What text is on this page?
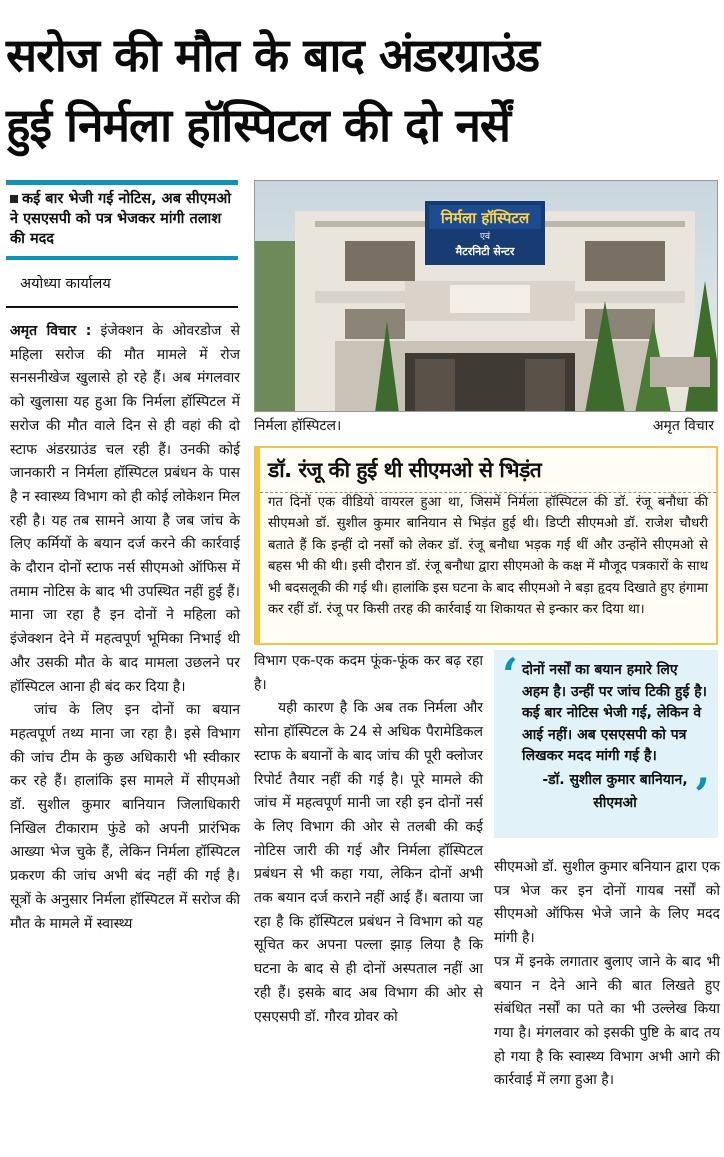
सरोज की मौत के बाद अंडरग्राउंड
हुई निर्मला हॉस्पिटल की दो नर्सें
कई बार भेजी गई नोटिस, अब सीएमओ ने एसएसपी को पत्र भेजकर मांगी तलाश की मदद
अयोध्या कार्यालय

अमृत विचार : इंजेक्शन के ओवरडोज से महिला सरोज की मौत मामले में रोज सनसनीखेज खुलासे हो रहे हैं। अब मंगलवार को खुलासा यह हुआ कि निर्मला हॉस्पिटल में सरोज की मौत वाले दिन से ही वहां की दो स्टाफ अंडरग्राउंड चल रही हैं। उनकी कोई जानकारी न निर्मला हॉस्पिटल प्रबंधन के पास है न स्वास्थ्य विभाग को ही कोई लोकेशन मिल रही है। यह तब सामने आया है जब जांच के लिए कर्मियों के बयान दर्ज करने की कार्रवाई के दौरान दोनों स्टाफ नर्स सीएमओ ऑफिस में तमाम नोटिस के बाद भी उपस्थित नहीं हुई हैं। माना जा रहा है इन दोनों ने महिला को इंजेक्शन देने में महत्वपूर्ण भूमिका निभाई थी और उसकी मौत के बाद मामला उछलने पर हॉस्पिटल आना ही बंद कर दिया है।

जांच के लिए इन दोनों का बयान महत्वपूर्ण तथ्य माना जा रहा है। इसे विभाग की जांच टीम के कुछ अधिकारी भी स्वीकार कर रहे हैं। हालांकि इस मामले में सीएमओ डॉ. सुशील कुमार बानियान जिलाधिकारी निखिल टीकाराम फुंडे को अपनी प्रारंभिक आख्या भेज चुके हैं, लेकिन निर्मला हॉस्पिटल प्रकरण की जांच अभी बंद नहीं की गई है। सूत्रों के अनुसार निर्मला हॉस्पिटल में सरोज की मौत के मामले में स्वास्थ्य

निर्मला हॉस्पिटल
एवं
मैटरनिटी सेन्टर
निर्मला हॉस्पिटल।	अमृत विचार
डॉ. रंजू की हुई थी सीएमओ से भिड़ंत
गत दिनों एक वीडियो वायरल हुआ था, जिसमें निर्मला हॉस्पिटल की डॉ. रंजू बनौधा की सीएमओ डॉ. सुशील कुमार बानियान से भिड़ंत हुई थी। डिप्टी सीएमओ डॉ. राजेश चौधरी बताते हैं कि इन्हीं दो नर्सों को लेकर डॉ. रंजू बनौधा भड़क गई थीं और उन्होंने सीएमओ से बहस भी की थी। इसी दौरान डॉ. रंजू बनौधा द्वारा सीएमओ के कक्ष में मौजूद पत्रकारों के साथ भी बदसलूकी की गई थी। हालांकि इस घटना के बाद सीएमओ ने बड़ा हृदय दिखाते हुए हंगामा कर रहीं डॉ. रंजू पर किसी तरह की कार्रवाई या शिकायत से इन्कार कर दिया था।

विभाग एक-एक कदम फूंक-फूंक कर बढ़ रहा है।

यही कारण है कि अब तक निर्मला और सोना हॉस्पिटल के 24 से अधिक पैरामेडिकल स्टाफ के बयानों के बाद जांच की पूरी क्लोजर रिपोर्ट तैयार नहीं की गई है। पूरे मामले की जांच में महत्वपूर्ण मानी जा रही इन दोनों नर्स के लिए विभाग की ओर से तलबी की कई नोटिस जारी की गई और निर्मला हॉस्पिटल प्रबंधन से भी कहा गया, लेकिन दोनों अभी तक बयान दर्ज कराने नहीं आई हैं। बताया जा रहा है कि हॉस्पिटल प्रबंधन ने विभाग को यह सूचित कर अपना पल्ला झाड़ लिया है कि घटना के बाद से ही दोनों अस्पताल नहीं आ रही हैं। इसके बाद अब विभाग की ओर से एसएसपी डॉ. गौरव ग्रोवर को

‘ दोनों नर्सों का बयान हमारे लिए अहम है। उन्हीं पर जांच टिकी हुई है। कई बार नोटिस भेजी गई, लेकिन वे आई नहीं। अब एसएसपी को पत्र लिखकर मदद मांगी गई है।
-डॉ. सुशील कुमार बानियान,
सीएमओ	’

सीएमओ डॉ. सुशील कुमार बनियान द्वारा एक पत्र भेज कर इन दोनों गायब नर्सों को सीएमओ ऑफिस भेजे जाने के लिए मदद मांगी है।

पत्र में इनके लगातार बुलाए जाने के बाद भी बयान न देने आने की बात लिखते हुए संबंधित नर्सों का पते का भी उल्लेख किया गया है। मंगलवार को इसकी पुष्टि के बाद तय हो गया है कि स्वास्थ्य विभाग अभी आगे की कार्रवाई में लगा हुआ है।
